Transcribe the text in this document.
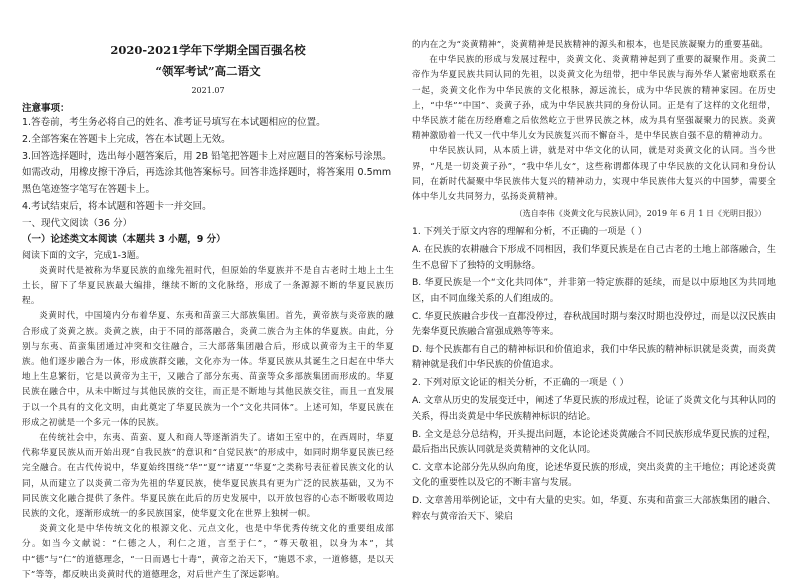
2020-2021学年下学期全国百强名校

“领军考试”高二语文

2021.07
注意事项：

1.答卷前，考生务必将自己的姓名、准考证号填写在本试题相应的位置。

2.全部答案在答题卡上完成，答在本试题上无效。

3.回答选择题时，选出每小题答案后，用 2B 铅笔把答题卡上对应题目的答案标号涂黑。如需改动，用橡皮擦干净后，再选涂其他答案标号。回答非选择题时，将答案用 0.5mm 黑色笔迹签字笔写在答题卡上。

4.考试结束后，将本试题和答题卡一并交回。

一、现代文阅读（36 分）

（一）论述类文本阅读（本题共 3 小题，9 分）

阅读下面的文字，完成1-3题。

炎黄时代是被称为华夏民族的血缘先祖时代，但原始的华夏族并不是自古老时土地上土生土长，留下了华夏民族最大编排，继续不断的文化脉络，形成了一条源源不断的华夏民族历程。

炎黄时代，中国境内分布着华夏、东夷和苗蛮三大部族集团。首先，黄帝族与炎帝族的融合形成了炎黄之族。炎黄之族，由于不同的部落融合，炎黄二族合为主体的华夏族。由此，分别与东夷、苗蛮集团通过冲突和交往融合，三大部落集团融合后，形成以黄帝为主干的华夏族。他们逐步融合为一体，形成族群交融，文化亦为一体。华夏民族从其诞生之日起在中华大地上生息繁衍，它是以黄帝为主干，又融合了部分东夷、苗蛮等众多部族集团而形成的。华夏民族在融合中，从未中断过与其他民族的交往，而正是不断地与其他民族交往，而且一直发展于以一个具有的文化文明，由此奠定了华夏民族为一个“文化共同体”。上述可知，华夏民族在形成之初就是一个多元一体的民族。

在传统社会中，东夷、苗蛮、夏人和商人等逐渐消失了。诸如王室中的，在西周时，华夏代称华夏民族从而开始出现“自我民族”的意识和“自觉民族”的形成中，如同时期华夏民族已经完全融合。在古代传说中，华夏始终围绕“华”“夏”“诸夏”“华夏”之类称号表征着民族文化的认同，从而建立了以炎黄二帝为先祖的华夏民族，使华夏民族具有更为广泛的民族基础，又为不同民族文化融合提供了条件。华夏民族在此后的历史发展中，以开放包容的心态不断吸收周边民族的文化，逐渐形成统一的多民族国家，使华夏文化在世界上独树一帜。

炎黄文化是中华传统文化的根源文化、元点文化，也是中华优秀传统文化的重要组成部分。如当今文献说：“仁德之人，利仁之道，言至于仁”，“尊天敬祖，以身为本”，其中“德”与“仁”的道德理念，“一日而遇七十毒”，黄帝之治天下，“施恩不求，一道修德，是以天下”等等，都反映出炎黄时代的道德理念，对后世产生了深远影响。

的内在之为“炎黄精神”，炎黄精神是民族精神的源头和根本，也是民族凝聚力的重要基础。

在中华民族的形成与发展过程中，炎黄文化、炎黄精神起到了重要的凝聚作用。炎黄二帝作为华夏民族共同认同的先祖，以炎黄文化为纽带，把中华民族与海外华人紧密地联系在一起，炎黄文化作为中华民族的文化根脉，源远流长，成为中华民族的精神家园。在历史上，“中华”“中国”、炎黄子孙，成为中华民族共同的身份认同。正是有了这样的文化纽带，中华民族才能在历经磨难之后依然屹立于世界民族之林，成为具有坚强凝聚力的民族。炎黄精神激励着一代又一代中华儿女为民族复兴而不懈奋斗，是中华民族自强不息的精神动力。

中华民族认同，从本质上讲，就是对中华文化的认同，就是对炎黄文化的认同。当今世界，“凡是一切炎黄子孙”，“我中华儿女”，这些称谓都体现了中华民族的文化认同和身份认同，在新时代凝聚中华民族伟大复兴的精神动力，实现中华民族伟大复兴的中国梦，需要全体中华儿女共同努力，弘扬炎黄精神。

（选自李伟《炎黄文化与民族认同》，2019 年 6 月 1 日《光明日报》）

1. 下列关于原文内容的理解和分析，不正确的一项是（ ）

A. 在民族的农耕融合下形成不同相因，我们华夏民族是在自己古老的土地上部落融合，生生不息留下了独特的文明脉络。

B. 华夏民族是一个“文化共同体”，并非第一特定族群的延续，而是以中原地区为共同地区，由不同血缘关系的人们组成的。

C. 华夏民族融合步伐一直都没停过，春秋战国时期与秦汉时期也没停过，而是以汉民族由先秦华夏民族融合富强成熟等等来。

D. 每个民族都有自己的精神标识和价值追求，我们中华民族的精神标识就是炎黄，而炎黄精神就是我们中华民族的价值追求。

2. 下列对原文论证的相关分析，不正确的一项是（ ）

A. 文章从历史的发展变迁中，阐述了华夏民族的形成过程，论证了炎黄文化与其种认同的关系，得出炎黄是中华民族精神标识的结论。

B. 全文是总分总结构，开头提出问题，本论论述炎黄融合不同民族形成华夏民族的过程，最后指出民族认同就是炎黄精神的文化认同。

C. 文章本论部分先从纵向角度，论述华夏民族的形成，突出炎黄的主干地位；再论述炎黄文化的重要性以及它的不断丰富与发展。

D. 文章善用举例论证，文中有大量的史实。如，华夏、东夷和苗蛮三大部族集团的融合、粹农与黄帝治天下、梁启
